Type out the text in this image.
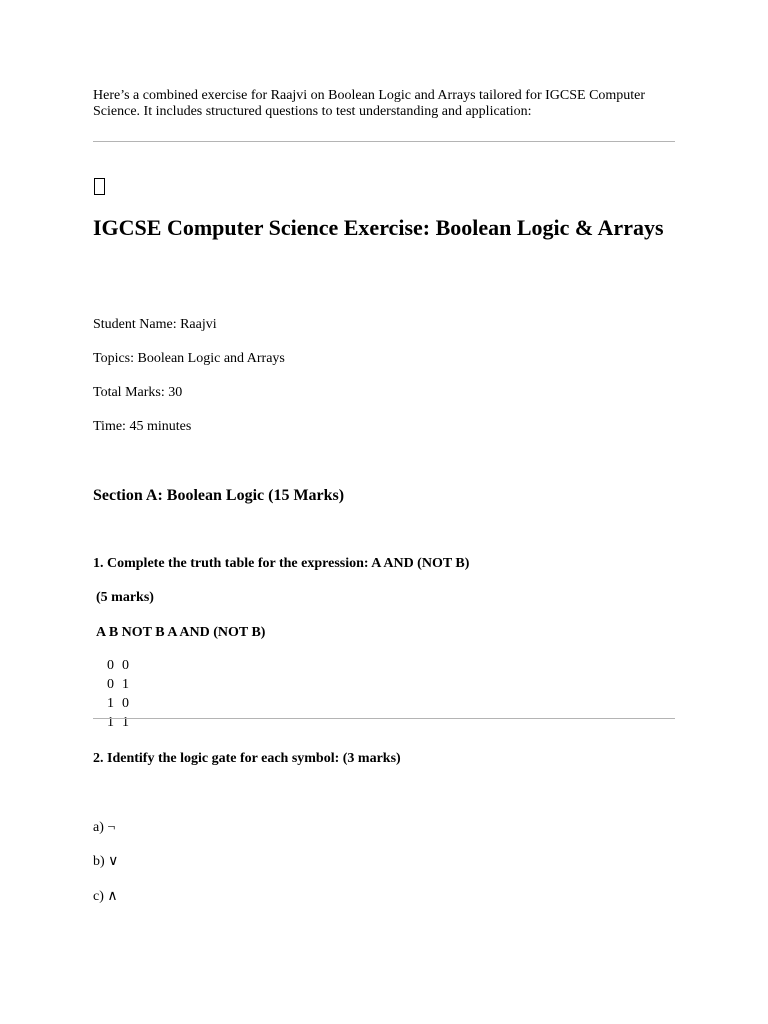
Here’s a combined exercise for Raajvi on Boolean Logic and Arrays tailored for IGCSE Computer Science. It includes structured questions to test understanding and application:

IGCSE Computer Science Exercise: Boolean Logic & Arrays

Student Name: Raajvi

Topics: Boolean Logic and Arrays

Total Marks: 30

Time: 45 minutes

Section A: Boolean Logic (15 Marks)

1. Complete the truth table for the expression: A AND (NOT B)

(5 marks)

A B NOT B A AND (NOT B)

0 0

0 1

1 0

1 1

2. Identify the logic gate for each symbol: (3 marks)

a) ¬
b) ∨
c) ∧
